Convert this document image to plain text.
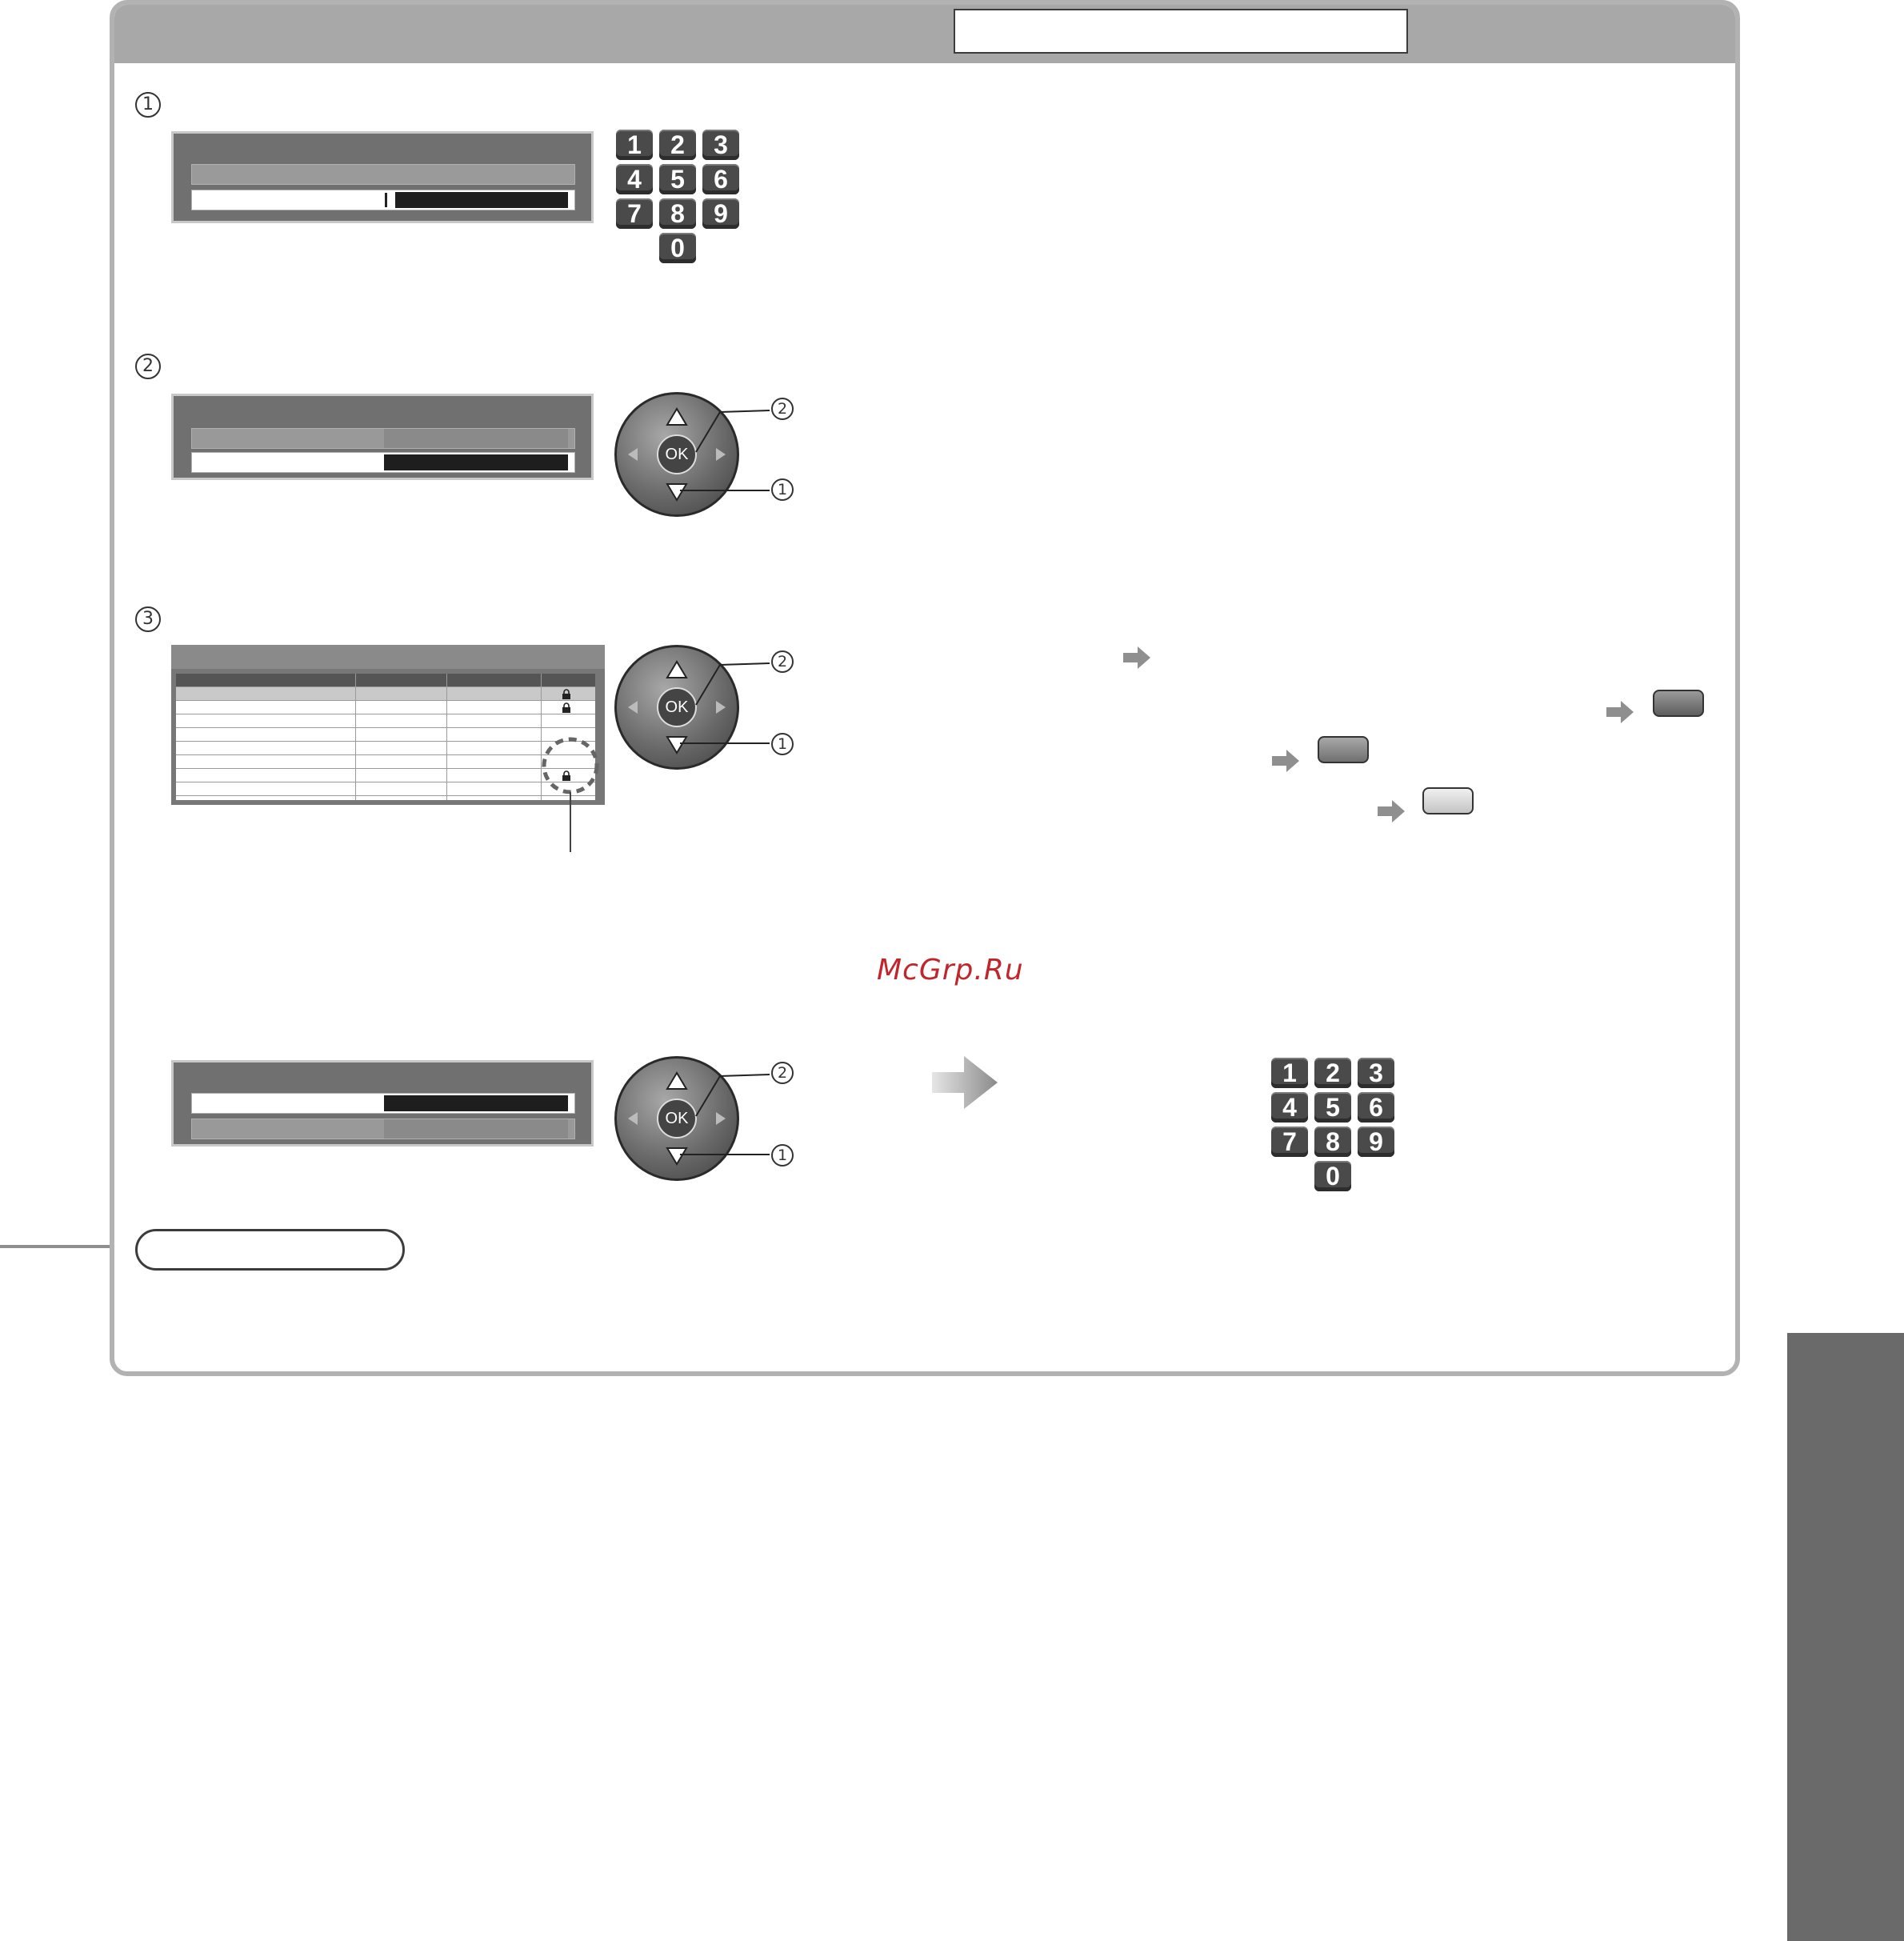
1
1	2	3
4	5	6
7	8	9
0
2
OK
2
1
3
OK
2
1
McGrp.Ru
OK
2
1
1	2	3
4	5	6
7	8	9
0
